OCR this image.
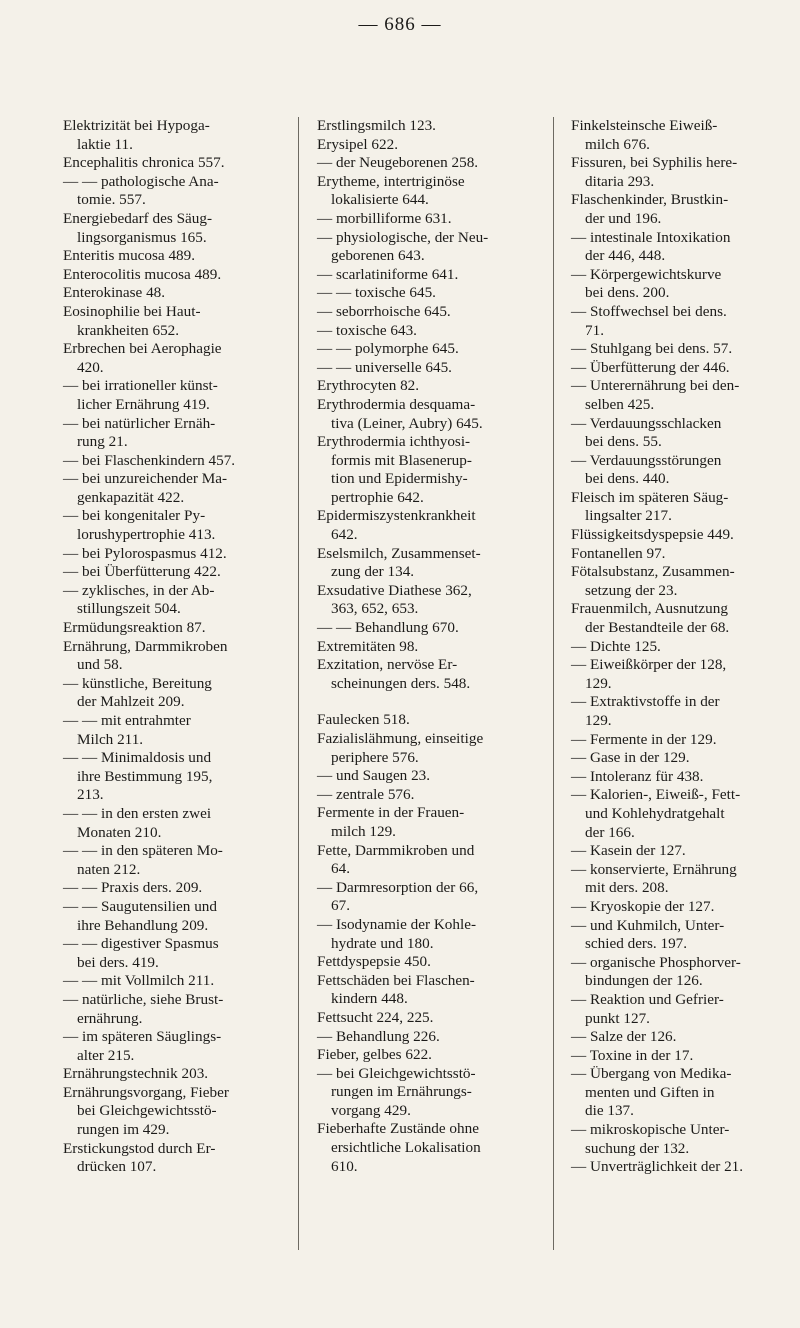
— 686 —
Elektrizität bei Hypoga-
laktie 11.
Encephalitis chronica 557.
— — pathologische Ana-
tomie. 557.
Energiebedarf des Säug-
lingsorganismus 165.
Enteritis mucosa 489.
Enterocolitis mucosa 489.
Enterokinase 48.
Eosinophilie bei Haut-
krankheiten 652.
Erbrechen bei Aerophagie
420.
— bei irrationeller künst-
licher Ernährung 419.
— bei natürlicher Ernäh-
rung 21.
— bei Flaschenkindern 457.
— bei unzureichender Ma-
genkapazität 422.
— bei kongenitaler Py-
lorushypertrophie 413.
— bei Pylorospasmus 412.
— bei Überfütterung 422.
— zyklisches, in der Ab-
stillungszeit 504.
Ermüdungsreaktion 87.
Ernährung, Darmmikroben
und 58.
— künstliche, Bereitung
der Mahlzeit 209.
— — mit entrahmter
Milch 211.
— — Minimaldosis und
ihre Bestimmung 195,
213.
— — in den ersten zwei
Monaten 210.
— — in den späteren Mo-
naten 212.
— — Praxis ders. 209.
— — Saugutensilien und
ihre Behandlung 209.
— — digestiver Spasmus
bei ders. 419.
— — mit Vollmilch 211.
— natürliche, siehe Brust-
ernährung.
— im späteren Säuglings-
alter 215.
Ernährungstechnik 203.
Ernährungsvorgang, Fieber
bei Gleichgewichtsstö-
rungen im 429.
Erstickungstod durch Er-
drücken 107.
Erstlingsmilch 123.
Erysipel 622.
— der Neugeborenen 258.
Erytheme, intertriginöse
lokalisierte 644.
— morbilliforme 631.
— physiologische, der Neu-
geborenen 643.
— scarlatiniforme 641.
— — toxische 645.
— seborrhoische 645.
— toxische 643.
— — polymorphe 645.
— — universelle 645.
Erythrocyten 82.
Erythrodermia desquama-
tiva (Leiner, Aubry) 645.
Erythrodermia ichthyosi-
formis mit Blasenerup-
tion und Epidermishy-
pertrophie 642.
Epidermiszystenkrankheit
642.
Eselsmilch, Zusammenset-
zung der 134.
Exsudative Diathese 362,
363, 652, 653.
— — Behandlung 670.
Extremitäten 98.
Exzitation, nervöse Er-
scheinungen ders. 548.
Faulecken 518.
Fazialislähmung, einseitige
periphere 576.
— und Saugen 23.
— zentrale 576.
Fermente in der Frauen-
milch 129.
Fette, Darmmikroben und
64.
— Darmresorption der 66,
67.
— Isodynamie der Kohle-
hydrate und 180.
Fettdyspepsie 450.
Fettschäden bei Flaschen-
kindern 448.
Fettsucht 224, 225.
— Behandlung 226.
Fieber, gelbes 622.
— bei Gleichgewichtsstö-
rungen im Ernährungs-
vorgang 429.
Fieberhafte Zustände ohne
ersichtliche Lokalisation
610.
Finkelsteinsche Eiweiß-
milch 676.
Fissuren, bei Syphilis here-
ditaria 293.
Flaschenkinder, Brustkin-
der und 196.
— intestinale Intoxikation
der 446, 448.
— Körpergewichtskurve
bei dens. 200.
— Stoffwechsel bei dens.
71.
— Stuhlgang bei dens. 57.
— Überfütterung der 446.
— Unterernährung bei den-
selben 425.
— Verdauungsschlacken
bei dens. 55.
— Verdauungsstörungen
bei dens. 440.
Fleisch im späteren Säug-
lingsalter 217.
Flüssigkeitsdyspepsie 449.
Fontanellen 97.
Fötalsubstanz, Zusammen-
setzung der 23.
Frauenmilch, Ausnutzung
der Bestandteile der 68.
— Dichte 125.
— Eiweißkörper der 128,
129.
— Extraktivstoffe in der
129.
— Fermente in der 129.
— Gase in der 129.
— Intoleranz für 438.
— Kalorien-, Eiweiß-, Fett-
und Kohlehydratgehalt
der 166.
— Kasein der 127.
— konservierte, Ernährung
mit ders. 208.
— Kryoskopie der 127.
— und Kuhmilch, Unter-
schied ders. 197.
— organische Phosphorver-
bindungen der 126.
— Reaktion und Gefrier-
punkt 127.
— Salze der 126.
— Toxine in der 17.
— Übergang von Medika-
menten und Giften in
die 137.
— mikroskopische Unter-
suchung der 132.
— Unverträglichkeit der 21.
